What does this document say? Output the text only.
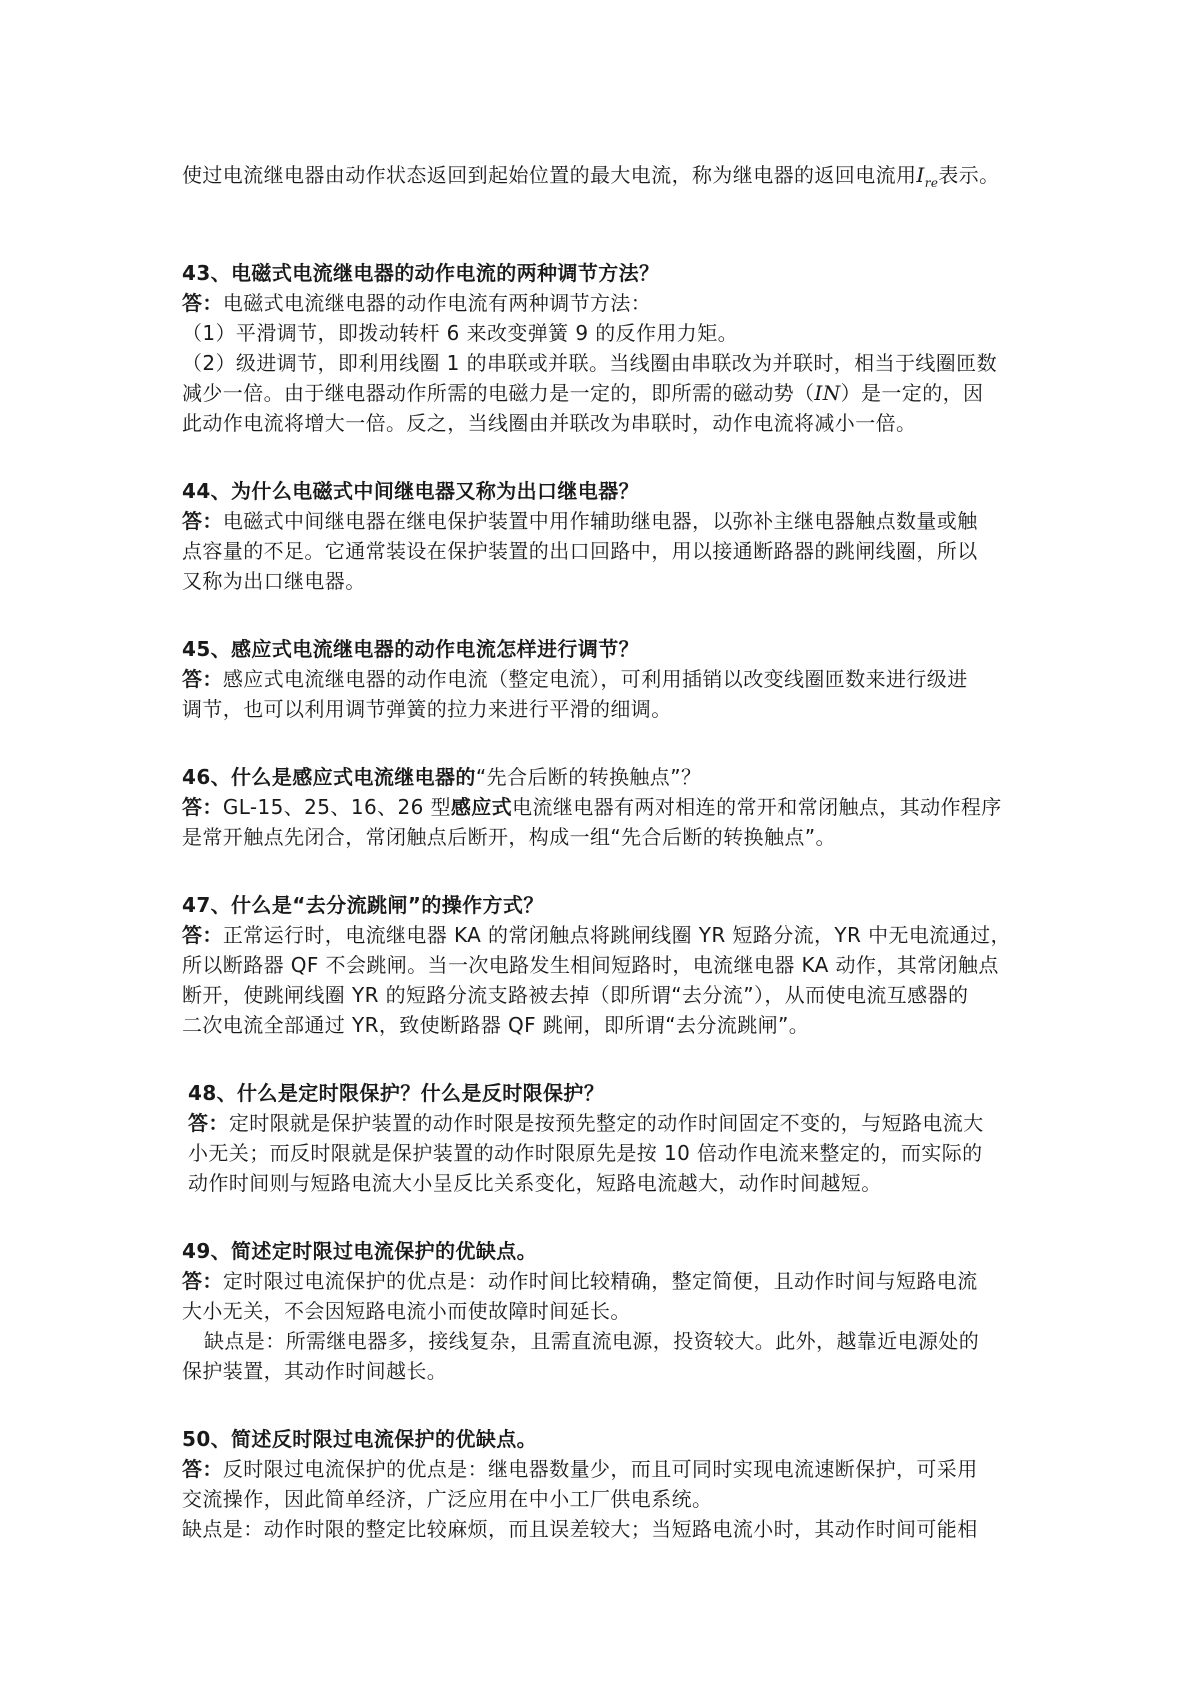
使过电流继电器由动作状态返回到起始位置的最大电流，称为继电器的返回电流用$I_{re}$表示。
43、电磁式电流继电器的动作电流的两种调节方法？
答：电磁式电流继电器的动作电流有两种调节方法：
（1）平滑调节，即拨动转杆 6 来改变弹簧 9 的反作用力矩。
（2）级进调节，即利用线圈 1 的串联或并联。当线圈由串联改为并联时，相当于线圈匝数
减少一倍。由于继电器动作所需的电磁力是一定的，即所需的磁动势（IN）是一定的，因
此动作电流将增大一倍。反之，当线圈由并联改为串联时，动作电流将减小一倍。
44、为什么电磁式中间继电器又称为出口继电器？
答：电磁式中间继电器在继电保护装置中用作辅助继电器，以弥补主继电器触点数量或触
点容量的不足。它通常装设在保护装置的出口回路中，用以接通断路器的跳闸线圈，所以
又称为出口继电器。
45、感应式电流继电器的动作电流怎样进行调节？
答：感应式电流继电器的动作电流（整定电流），可利用插销以改变线圈匝数来进行级进
调节，也可以利用调节弹簧的拉力来进行平滑的细调。
46、什么是感应式电流继电器的“先合后断的转换触点”？
答：GL-15、25、16、26 型感应式电流继电器有两对相连的常开和常闭触点，其动作程序
是常开触点先闭合，常闭触点后断开，构成一组“先合后断的转换触点”。
47、什么是“去分流跳闸”的操作方式？
答：正常运行时，电流继电器 KA 的常闭触点将跳闸线圈 YR 短路分流，YR 中无电流通过，
所以断路器 QF 不会跳闸。当一次电路发生相间短路时，电流继电器 KA 动作，其常闭触点
断开，使跳闸线圈 YR 的短路分流支路被去掉（即所谓“去分流”），从而使电流互感器的
二次电流全部通过 YR，致使断路器 QF 跳闸，即所谓“去分流跳闸”。
48、什么是定时限保护？什么是反时限保护？
答：定时限就是保护装置的动作时限是按预先整定的动作时间固定不变的，与短路电流大
小无关；而反时限就是保护装置的动作时限原先是按 10 倍动作电流来整定的，而实际的
动作时间则与短路电流大小呈反比关系变化，短路电流越大，动作时间越短。
49、简述定时限过电流保护的优缺点。
答：定时限过电流保护的优点是：动作时间比较精确，整定简便，且动作时间与短路电流
大小无关，不会因短路电流小而使故障时间延长。
缺点是：所需继电器多，接线复杂，且需直流电源，投资较大。此外，越靠近电源处的
保护装置，其动作时间越长。
50、简述反时限过电流保护的优缺点。
答：反时限过电流保护的优点是：继电器数量少，而且可同时实现电流速断保护，可采用
交流操作，因此简单经济，广泛应用在中小工厂供电系统。
缺点是：动作时限的整定比较麻烦，而且误差较大；当短路电流小时，其动作时间可能相
